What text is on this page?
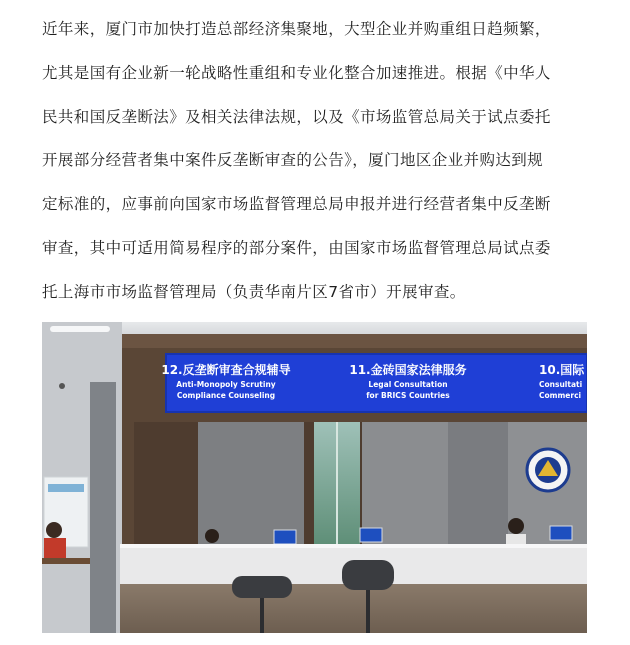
近年来，厦门市加快打造总部经济集聚地，大型企业并购重组日趋频繁，
尤其是国有企业新一轮战略性重组和专业化整合加速推进。根据《中华人
民共和国反垄断法》及相关法律法规，以及《市场监管总局关于试点委托
开展部分经营者集中案件反垄断审查的公告》，厦门地区企业并购达到规
定标准的，应事前向国家市场监督管理总局申报并进行经营者集中反垄断
审查，其中可适用简易程序的部分案件，由国家市场监督管理总局试点委
托上海市市场监督管理局（负责华南片区7省市）开展审查。

12.反垄断审查合规辅导
Anti-Monopoly Scrutiny
Compliance Counseling
11.金砖国家法律服务
Legal Consultation
for BRICS Countries
10.国际
Consultati
Commerci
